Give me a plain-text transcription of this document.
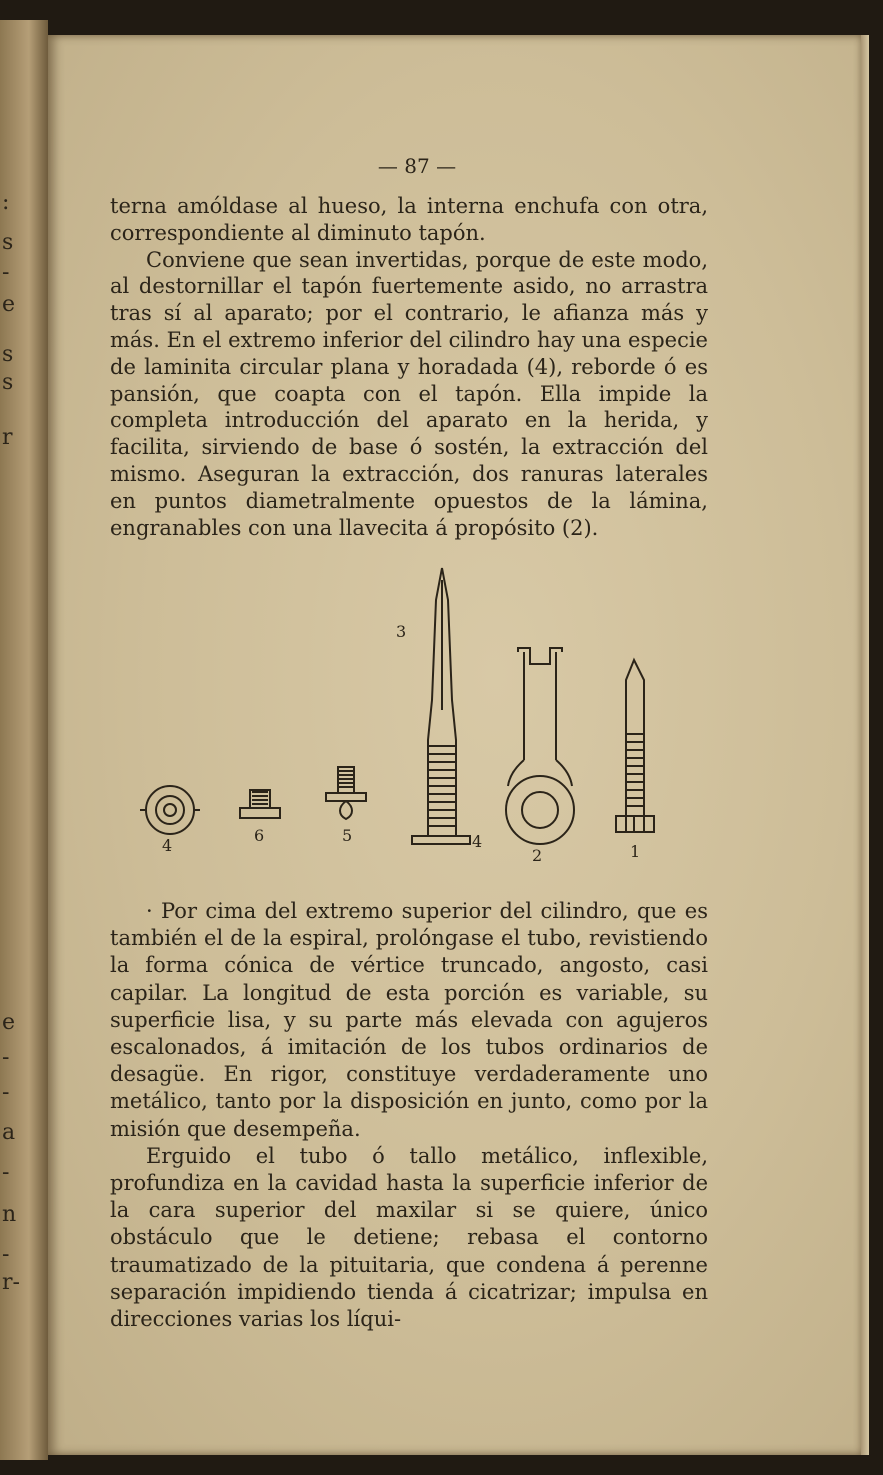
:
s
-
e
s
s
r
e
-
-
a
-
n
-
r-
— 87 —

terna amóldase al hueso, la interna enchufa con otra, correspondiente al diminuto tapón.

Conviene que sean invertidas, porque de este modo, al destornillar el tapón fuertemente asido, no arrastra tras sí al aparato; por el contrario, le afianza más y más. En el extremo inferior del cilindro hay una especie de laminita circular plana y horadada (4), reborde ó es pansión, que coapta con el tapón. Ella impide la completa introducción del aparato en la herida, y facilita, sirviendo de base ó sostén, la extracción del mismo. Aseguran la extracción, dos ranuras laterales en puntos diametralmente opuestos de la lámina, engranables con una llavecita á propósito (2).

4
6	5
3
4
2	1

· Por cima del extremo superior del cilindro, que es también el de la espiral, prolóngase el tubo, revistiendo la forma cónica de vértice truncado, angosto, casi capilar. La longitud de esta porción es variable, su superficie lisa, y su parte más elevada con agujeros escalonados, á imitación de los tubos ordinarios de desagüe. En rigor, constituye verdaderamente uno metálico, tanto por la disposición en junto, como por la misión que desempeña.

Erguido el tubo ó tallo metálico, inflexible, profundiza en la cavidad hasta la superficie inferior de la cara superior del maxilar si se quiere, único obstáculo que le detiene; rebasa el contorno traumatizado de la pituitaria, que condena á perenne separación impidiendo tienda á cicatrizar; impulsa en direcciones varias los líqui-
